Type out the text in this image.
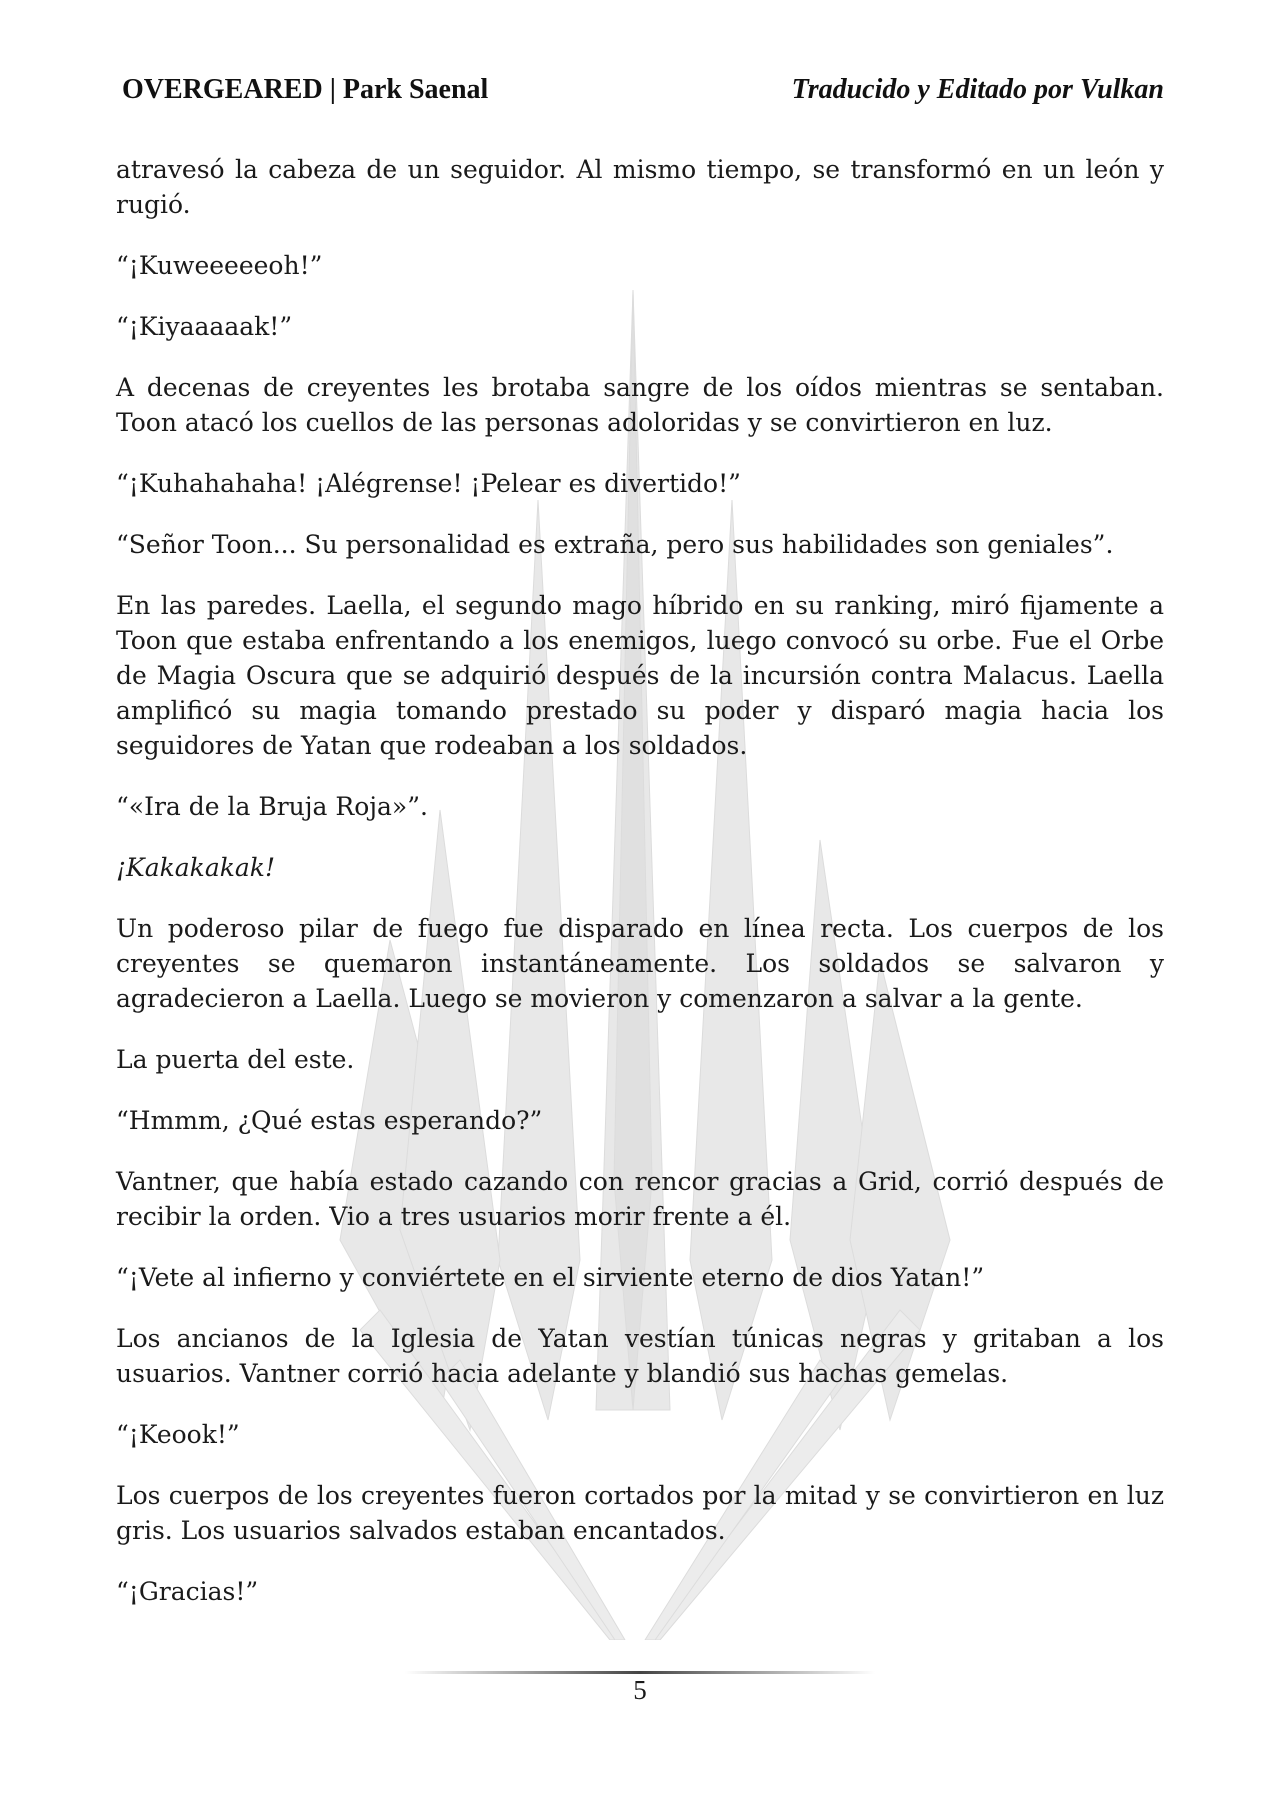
OVERGEARED | Park Saenal	Traducido y Editado por Vulkan

atravesó la cabeza de un seguidor. Al mismo tiempo, se transformó en un león y rugió.

“¡Kuweeeeeoh!”

“¡Kiyaaaaak!”

A decenas de creyentes les brotaba sangre de los oídos mientras se sentaban. Toon atacó los cuellos de las personas adoloridas y se convirtieron en luz.

“¡Kuhahahaha! ¡Alégrense! ¡Pelear es divertido!”

“Señor Toon... Su personalidad es extraña, pero sus habilidades son geniales”.

En las paredes. Laella, el segundo mago híbrido en su ranking, miró fijamente a Toon que estaba enfrentando a los enemigos, luego convocó su orbe. Fue el Orbe de Magia Oscura que se adquirió después de la incursión contra Malacus. Laella amplificó su magia tomando prestado su poder y disparó magia hacia los seguidores de Yatan que rodeaban a los soldados.

“«Ira de la Bruja Roja»”.

¡Kakakakak!

Un poderoso pilar de fuego fue disparado en línea recta. Los cuerpos de los creyentes se quemaron instantáneamente. Los soldados se salvaron y agradecieron a Laella. Luego se movieron y comenzaron a salvar a la gente.

La puerta del este.

“Hmmm, ¿Qué estas esperando?”

Vantner, que había estado cazando con rencor gracias a Grid, corrió después de recibir la orden. Vio a tres usuarios morir frente a él.

“¡Vete al infierno y conviértete en el sirviente eterno de dios Yatan!”

Los ancianos de la Iglesia de Yatan vestían túnicas negras y gritaban a los usuarios. Vantner corrió hacia adelante y blandió sus hachas gemelas.

“¡Keook!”

Los cuerpos de los creyentes fueron cortados por la mitad y se convirtieron en luz gris. Los usuarios salvados estaban encantados.

“¡Gracias!”

5
